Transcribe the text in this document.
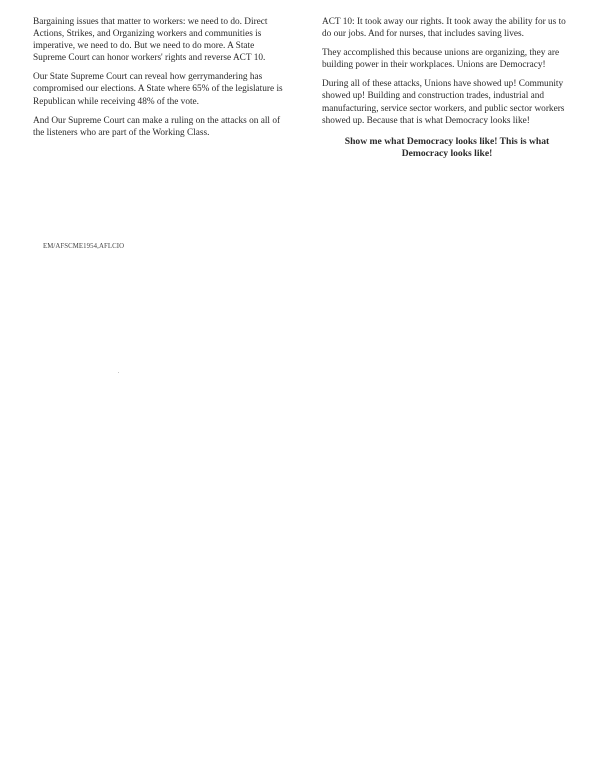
Bargaining issues that matter to workers: we need to do. Direct Actions, Strikes, and Organizing workers and communities is imperative, we need to do. But we need to do more. A State Supreme Court can honor workers' rights and reverse ACT 10.

Our State Supreme Court can reveal how gerrymandering has compromised our elections. A State where 65% of the legislature is Republican while receiving 48% of the vote.

And Our Supreme Court can make a ruling on the attacks on all of the listeners who are part of the Working Class.

ACT 10: It took away our rights. It took away the ability for us to do our jobs. And for nurses, that includes saving lives.

They accomplished this because unions are organizing, they are building power in their workplaces. Unions are Democracy!

During all of these attacks, Unions have showed up! Community showed up! Building and construction trades, industrial and manufacturing, service sector workers, and public sector workers showed up. Because that is what Democracy looks like!

Show me what Democracy looks like! This is what Democracy looks like!

EM/AFSCME1954,AFLCIO
